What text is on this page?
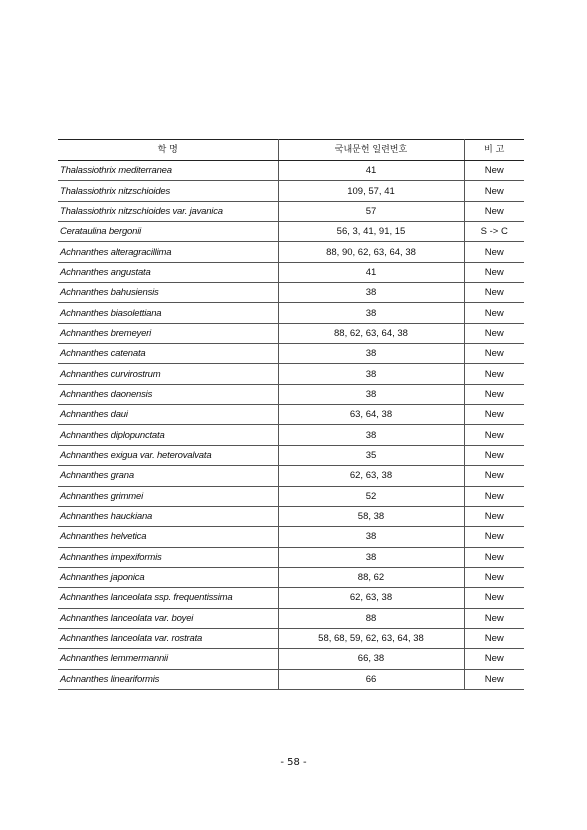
학 명	국내문헌 일련번호	비 고
Thalassiothrix mediterranea	41	New
Thalassiothrix nitzschioides	109, 57, 41	New
Thalassiothrix nitzschioides var. javanica	57	New
Cerataulina bergonii	56, 3, 41, 91, 15	S -> C
Achnanthes alteragracillima	88, 90, 62, 63, 64, 38	New
Achnanthes angustata	41	New
Achnanthes bahusiensis	38	New
Achnanthes biasolettiana	38	New
Achnanthes bremeyeri	88, 62, 63, 64, 38	New
Achnanthes catenata	38	New
Achnanthes curvirostrum	38	New
Achnanthes daonensis	38	New
Achnanthes daui	63, 64, 38	New
Achnanthes diplopunctata	38	New
Achnanthes exigua var. heterovalvata	35	New
Achnanthes grana	62, 63, 38	New
Achnanthes grimmei	52	New
Achnanthes hauckiana	58, 38	New
Achnanthes helvetica	38	New
Achnanthes impexiformis	38	New
Achnanthes japonica	88, 62	New
Achnanthes lanceolata ssp. frequentissima	62, 63, 38	New
Achnanthes lanceolata var. boyei	88	New
Achnanthes lanceolata var. rostrata	58, 68, 59, 62, 63, 64, 38	New
Achnanthes lemmermannii	66, 38	New
Achnanthes lineariformis	66	New
- 58 -
